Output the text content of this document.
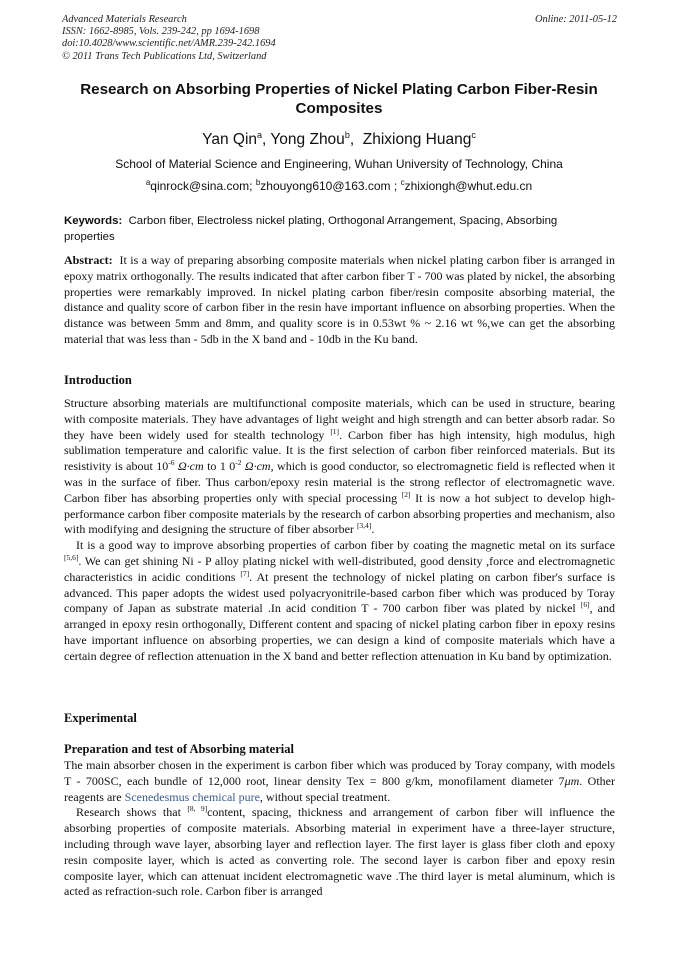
Advanced Materials Research
ISSN: 1662-8985, Vols. 239-242, pp 1694-1698
doi:10.4028/www.scientific.net/AMR.239-242.1694
© 2011 Trans Tech Publications Ltd, Switzerland
Online: 2011-05-12
Research on Absorbing Properties of Nickel Plating Carbon Fiber-Resin Composites
Yan Qin$^a$, Yong Zhou$^b$,  Zhixiong Huang$^c$
School of Material Science and Engineering, Wuhan University of Technology, China
$^a$qinrock@sina.com; $^b$zhouyong610@163.com ; $^c$zhixiongh@whut.edu.cn
Keywords: Carbon fiber, Electroless nickel plating, Orthogonal Arrangement, Spacing, Absorbing properties

Abstract: It is a way of preparing absorbing composite materials when nickel plating carbon fiber is arranged in epoxy matrix orthogonally. The results indicated that after carbon fiber T - 700 was plated by nickel, the absorbing properties were remarkably improved. In nickel plating carbon fiber/resin composite absorbing material, the distance and quality score of carbon fiber in the resin have important influence on absorbing properties. When the distance was between 5mm and 8mm, and quality score is in 0.53wt % ~ 2.16 wt %,we can get the absorbing material that was less than - 5db in the X band and - 10db in the Ku band.

Introduction

Structure absorbing materials are multifunctional composite materials, which can be used in structure, bearing with composite materials. They have advantages of light weight and high strength and can better absorb radar. So they have been widely used for stealth technology [1]. Carbon fiber has high intensity, high modulus, high sublimation temperature and calorific value. It is the first selection of carbon fiber reinforced materials. But its resistivity is about 10$^{-6}$ Ω·cm to 1 0$^{-2}$ Ω·cm, which is good conductor, so electromagnetic field is reflected when it was in the surface of fiber. Thus carbon/epoxy resin material is the strong reflector of electromagnetic wave. Carbon fiber has absorbing properties only with special processing [2] It is now a hot subject to develop high-performance carbon fiber composite materials by the research of carbon absorbing properties and mechanism, also with modifying and designing the structure of fiber absorber [3,4].

It is a good way to improve absorbing properties of carbon fiber by coating the magnetic metal on its surface [5,6]. We can get shining Ni - P alloy plating nickel with well-distributed, good density ,force and electromagnetic characteristics in acidic conditions [7]. At present the technology of nickel plating on carbon fiber's surface is advanced. This paper adopts the widest used polyacryonitrile-based carbon fiber which was produced by Toray company of Japan as substrate material .In acid condition T - 700 carbon fiber was plated by nickel [6], and arranged in epoxy resin orthogonally, Different content and spacing of nickel plating carbon fiber in epoxy resins have important influence on absorbing properties, we can design a kind of composite materials which have a certain degree of reflection attenuation in the X band and better reflection attenuation in Ku band by optimization.

Experimental
Preparation and test of Absorbing material

The main absorber chosen in the experiment is carbon fiber which was produced by Toray company, with models T - 700SC, each bundle of 12,000 root, linear density Tex = 800 g/km, monofilament diameter 7μm. Other reagents are Scenedesmus chemical pure, without special treatment.

Research shows that [8, 9]content, spacing, thickness and arrangement of carbon fiber will influence the absorbing properties of composite materials. Absorbing material in experiment have a three-layer structure, including through wave layer, absorbing layer and reflection layer. The first layer is glass fiber cloth and epoxy resin composite layer, which is acted as converting role. The second layer is carbon fiber and epoxy resin composite layer, which can attenuat incident electromagnetic wave .The third layer is metal aluminum, which is acted as refraction-such role. Carbon fiber is arranged
